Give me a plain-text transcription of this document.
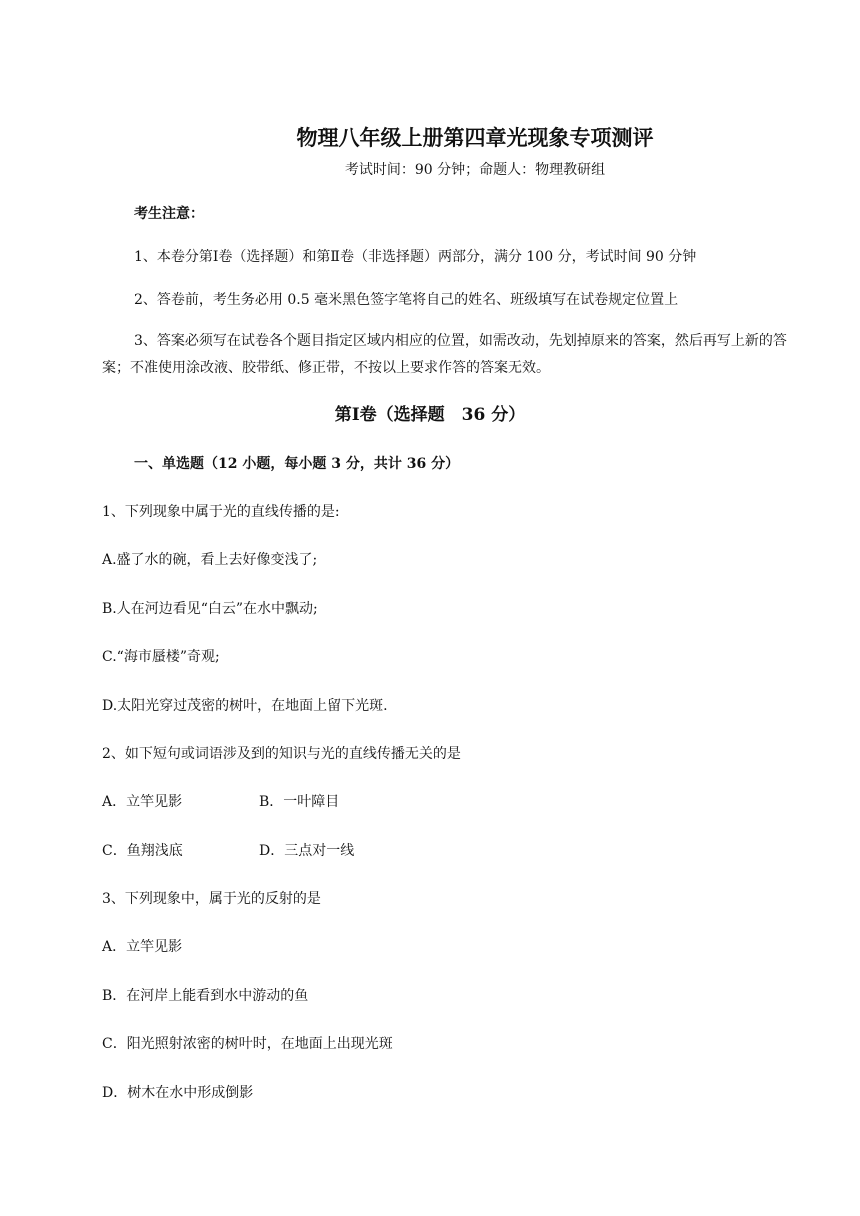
物理八年级上册第四章光现象专项测评
考试时间：90 分钟；命题人：物理教研组
考生注意：
1、本卷分第Ⅰ卷（选择题）和第Ⅱ卷（非选择题）两部分，满分 100 分，考试时间 90 分钟
2、答卷前，考生务必用 0.5 毫米黑色签字笔将自己的姓名、班级填写在试卷规定位置上

3、答案必须写在试卷各个题目指定区域内相应的位置，如需改动，先划掉原来的答案，然后再写上新的答案；不准使用涂改液、胶带纸、修正带，不按以上要求作答的答案无效。

第Ⅰ卷（选择题　36 分）
一、单选题（12 小题，每小题 3 分，共计 36 分）
1、下列现象中属于光的直线传播的是:
A.盛了水的碗，看上去好像变浅了;
B.人在河边看见“白云”在水中飘动;
C.“海市蜃楼”奇观;
D.太阳光穿过茂密的树叶，在地面上留下光斑.
2、如下短句或词语涉及到的知识与光的直线传播无关的是
A．立竿见影	B．一叶障目
C．鱼翔浅底	D．三点对一线
3、下列现象中，属于光的反射的是
A．立竿见影
B．在河岸上能看到水中游动的鱼
C．阳光照射浓密的树叶时，在地面上出现光斑
D．树木在水中形成倒影
